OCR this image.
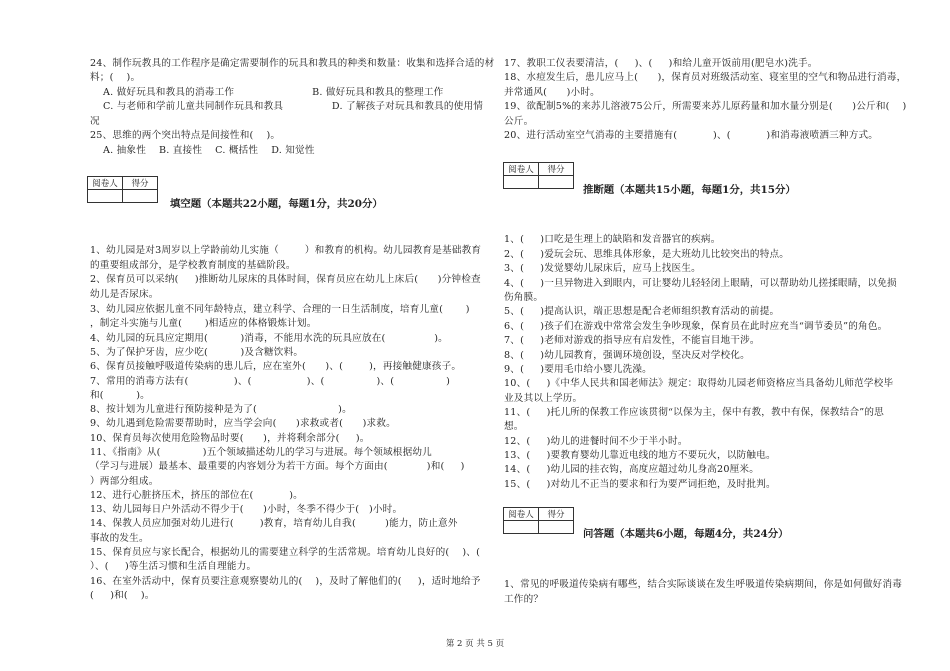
24、制作玩教具的工作程序是确定需要制作的玩具和教具的种类和数量：收集和选择合适的材
料；(    )。
A. 做好玩具和教具的消毒工作                        B. 做好玩具和教具的整理工作
C. 与老师和学前儿童共同制作玩具和教具               D. 了解孩子对玩具和教具的使用情
况
25、思维的两个突出特点是间接性和(    )。
A. 抽象性    B. 直接性    C. 概括性    D. 知觉性
阅卷人	得分

填空题（本题共22小题，每题1分，共20分）
1、幼儿园是对3周岁以上学龄前幼儿实施（        ）和教育的机构。幼儿园教育是基础教育
的重要组成部分，是学校教育制度的基础阶段。
2、保育员可以采纳(     )推断幼儿尿床的具体时间，保育员应在幼儿上床后(      )分钟检查
幼儿是否尿床。
3、幼儿园应依据儿童不同年龄特点，建立科学、合理的一日生活制度，培育儿童(       )
，制定斗实施与儿童(       )相适应的体格锻炼计划。
4、幼儿园的玩具应定期用(          )消毒，不能用水洗的玩具应放在(               )。
5、为了保护牙齿，应少吃(          )及含糖饮料。
6、保育员接触呼吸道传染病的患儿后，应在室外(      )、(        )，再接触健康孩子。
7、常用的消毒方法有(              )、(                 )、(                )、(                )
和(          )。
8、按计划为儿童进行预防接种是为了(                         )。
9、幼儿遇到危险需要帮助时，应当学会向(      )求救或者(      )求救。
10、保育员每次使用危险物品时要(      )，并将剩余部分(     )。
11、《指南》从(             )五个领域描述幼儿的学习与进展。每个领域根据幼儿
（学习与进展）最基本、最重要的内容划分为若干方面。每个方面由(            )和(     )
）两部分组成。
12、进行心脏挤压术，挤压的部位在(           )。
13、幼儿园每日户外活动不得少于(      )小时，冬季不得少于(   )小时。
14、保教人员应加强对幼儿进行(        )教育，培育幼儿自我(         )能力，防止意外
事故的发生。
15、保育员应与家长配合，根据幼儿的需要建立科学的生活常规。培育幼儿良好的(    )、(
）、(     )等生活习惯和生活自理能力。
16、在室外活动中，保育员要注意观察婴幼儿的(    )，及时了解他们的(     )，适时地给予
(     )和(    )。
17、教职工仪表要清洁，(     )、(     )和给儿童开饭前用(肥皂水)洗手。
18、水痘发生后，患儿应马上(      )，保育员对班级活动室、寝室里的空气和物品进行消毒，
并常通风(      )小时。
19、欲配制5%的来苏儿溶液75公斤，所需要来苏儿原药量和加水量分别是(      )公斤和(    )
公斤。
20、进行活动室空气消毒的主要措施有(           )、(           )和消毒液喷洒三种方式。
阅卷人	得分

推断题（本题共15小题，每题1分，共15分）
1、(     )口吃是生理上的缺陷和发音器官的疾病。
2、(     )爱玩会玩、思维具体形象，是大班幼儿比较突出的特点。
3、(     )发觉婴幼儿尿床后，应马上找医生。
4、(     )一旦异物进入到眼内，可让婴幼儿轻轻闭上眼睛，可以帮助幼儿搓揉眼睛，以免损
伤角膜。
5、(     )提高认识，端正思想是配合老师组织教育活动的前提。
6、(     )孩子们在游戏中常常会发生争吵现象，保育员在此时应充当“调节委员”的角色。
7、(     )老师对游戏的指导应有启发性，不能盲目地干涉。
8、(     )幼儿园教育，强调环境创设，坚决反对学校化。
9、(     )要用毛巾给小婴儿洗澡。
10、(     )《中华人民共和国老师法》规定：取得幼儿园老师资格应当具备幼儿师范学校毕
业及其以上学历。
11、(     )托儿所的保教工作应该贯彻“以保为主，保中有教，教中有保，保教结合”的思
想。
12、(     )幼儿的进餐时间不少于半小时。
13、(     )要教育婴幼儿靠近电线的地方不要玩火，以防触电。
14、(     )幼儿园的挂衣钩，高度应超过幼儿身高20厘米。
15、(     )对幼儿不正当的要求和行为要严词拒绝，及时批判。
阅卷人	得分

问答题（本题共6小题，每题4分，共24分）
1、常见的呼吸道传染病有哪些，结合实际谈谈在发生呼吸道传染病期间，你是如何做好消毒
工作的？
第 2 页 共 5 页
